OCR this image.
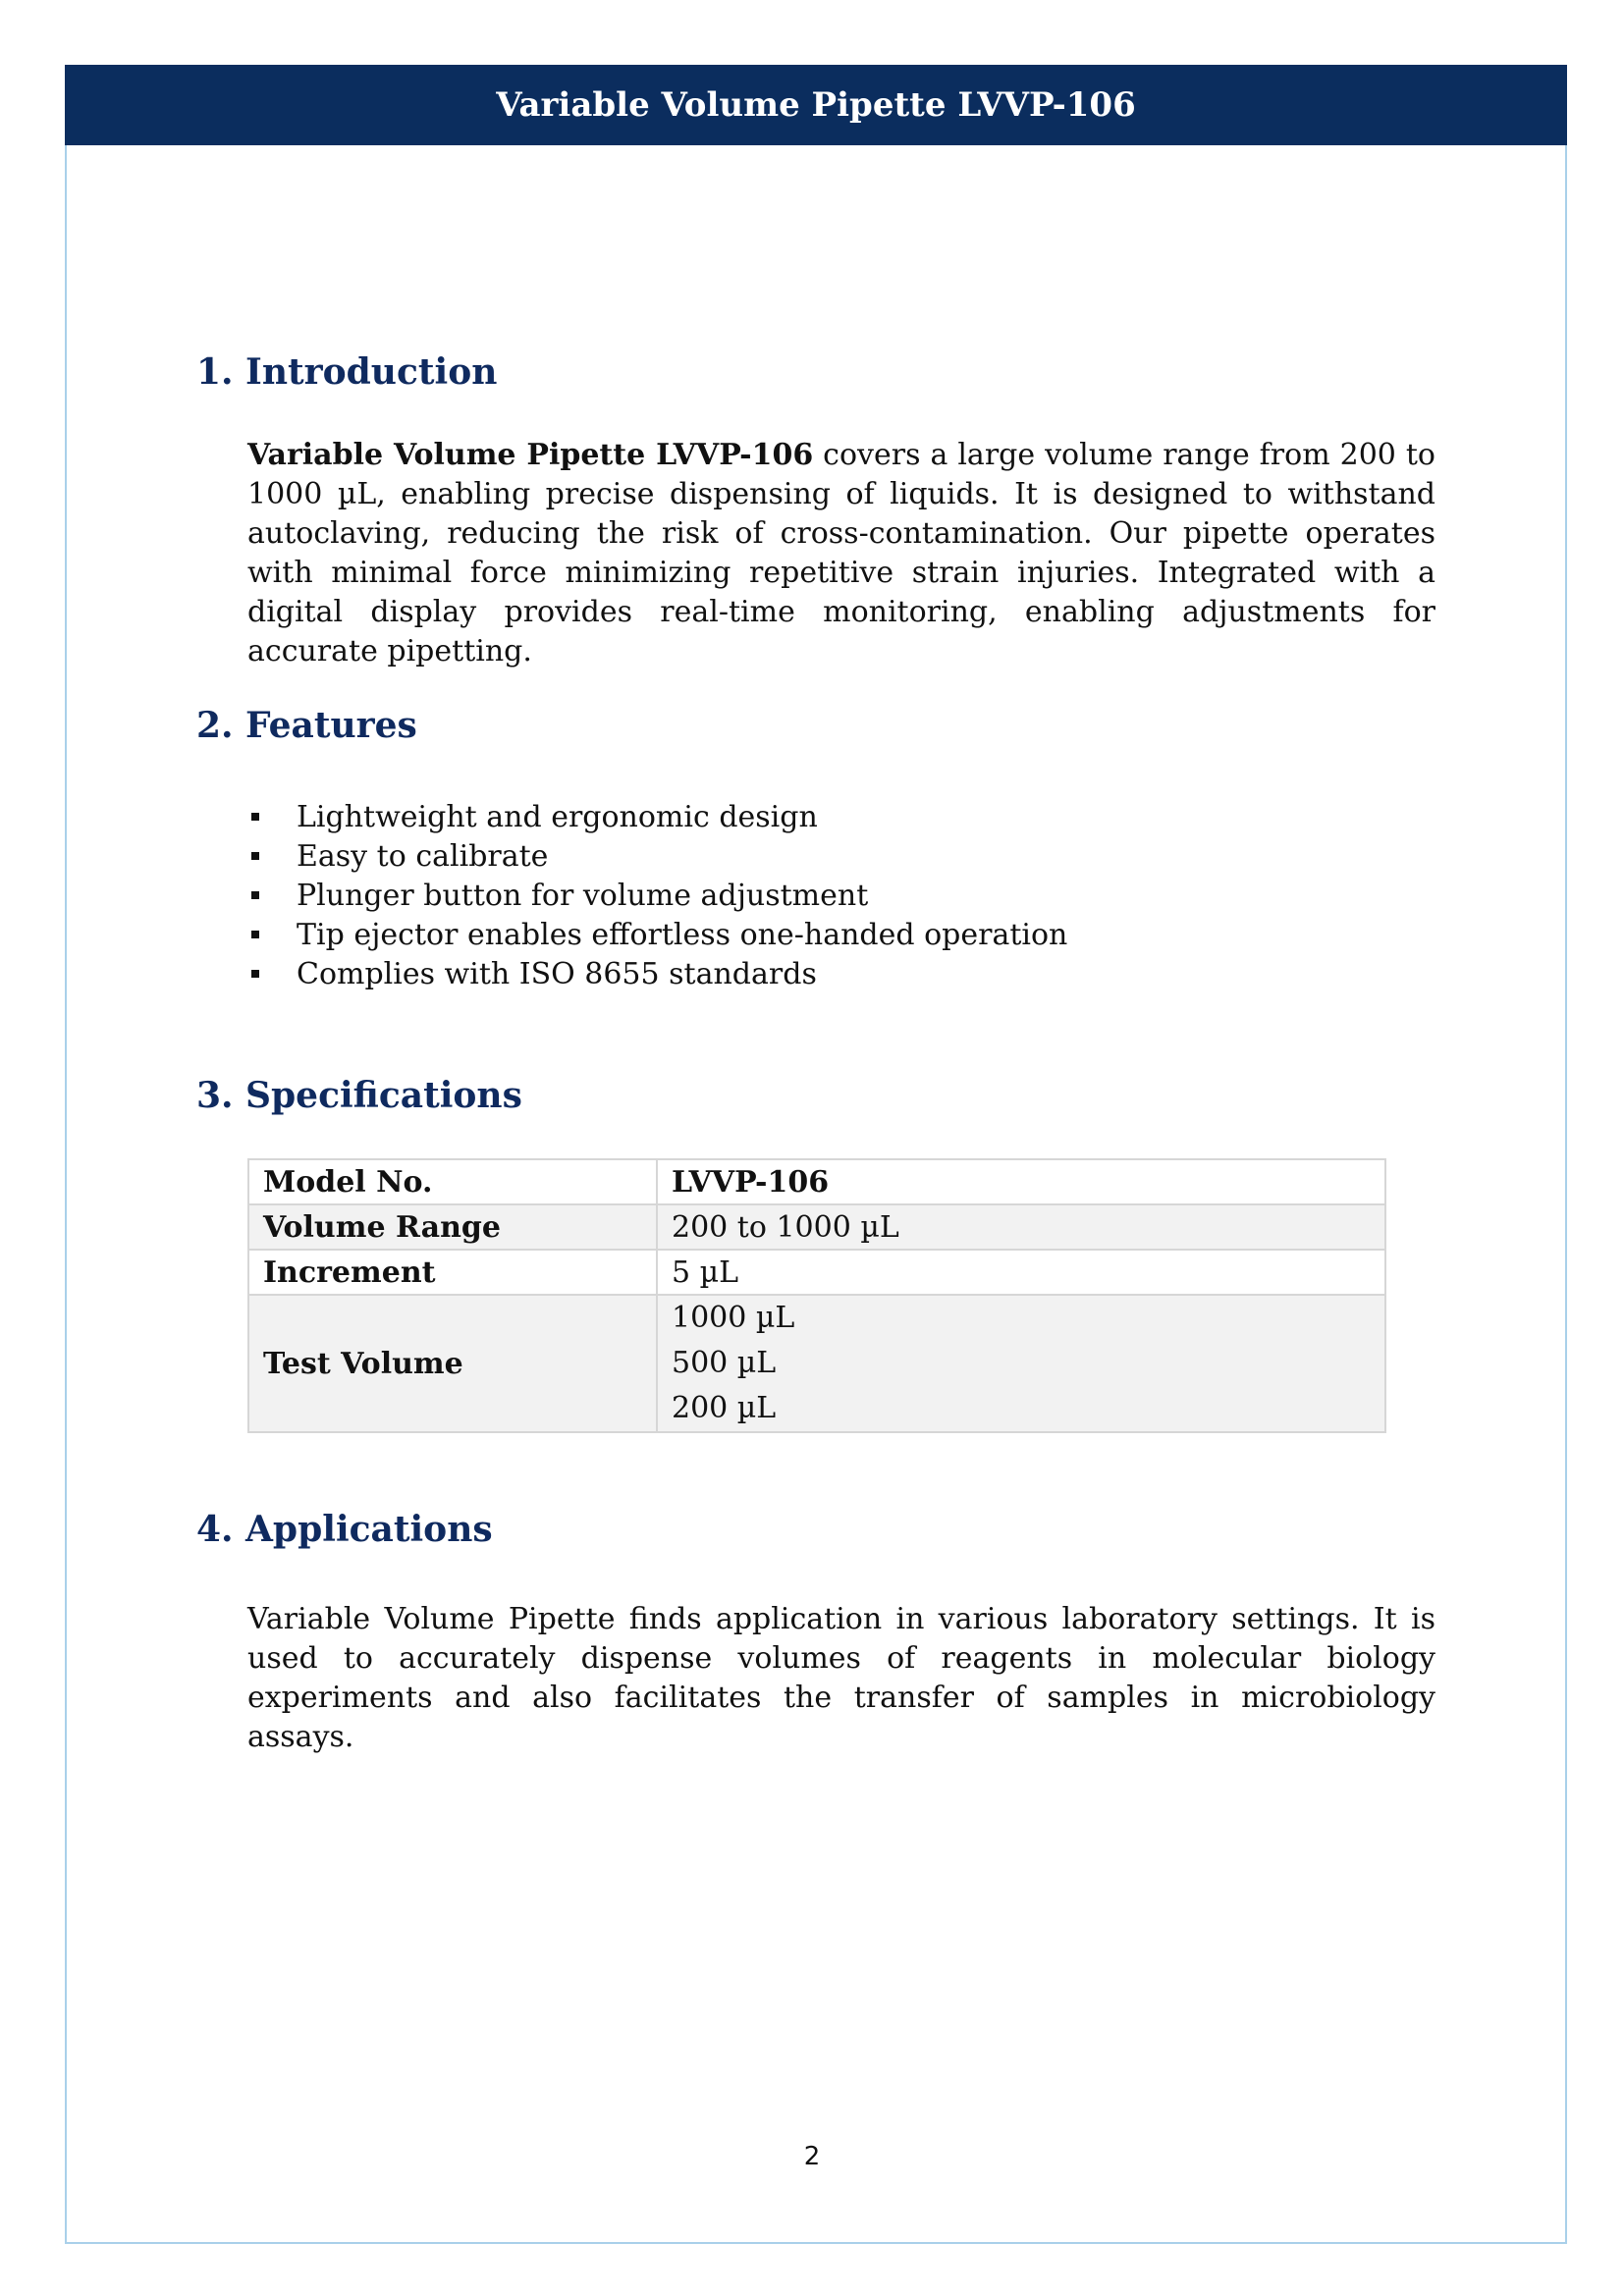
Variable Volume Pipette LVVP-106
1. Introduction

Variable Volume Pipette LVVP-106 covers a large volume range from 200 to 1000 µL, enabling precise dispensing of liquids. It is designed to withstand autoclaving, reducing the risk of cross-contamination. Our pipette operates with minimal force minimizing repetitive strain injuries. Integrated with a digital display provides real-time monitoring, enabling adjustments for accurate pipetting.

2. Features
Lightweight and ergonomic design
Easy to calibrate
Plunger button for volume adjustment
Tip ejector enables effortless one-handed operation
Complies with ISO 8655 standards
3. Specifications
Model No.	LVVP-106
Volume Range	200 to 1000 µL
Increment	5 µL
Test Volume	1000 µL
500 µL
200 µL
4. Applications

Variable Volume Pipette finds application in various laboratory settings. It is used to accurately dispense volumes of reagents in molecular biology experiments and also facilitates the transfer of samples in microbiology assays.

2
